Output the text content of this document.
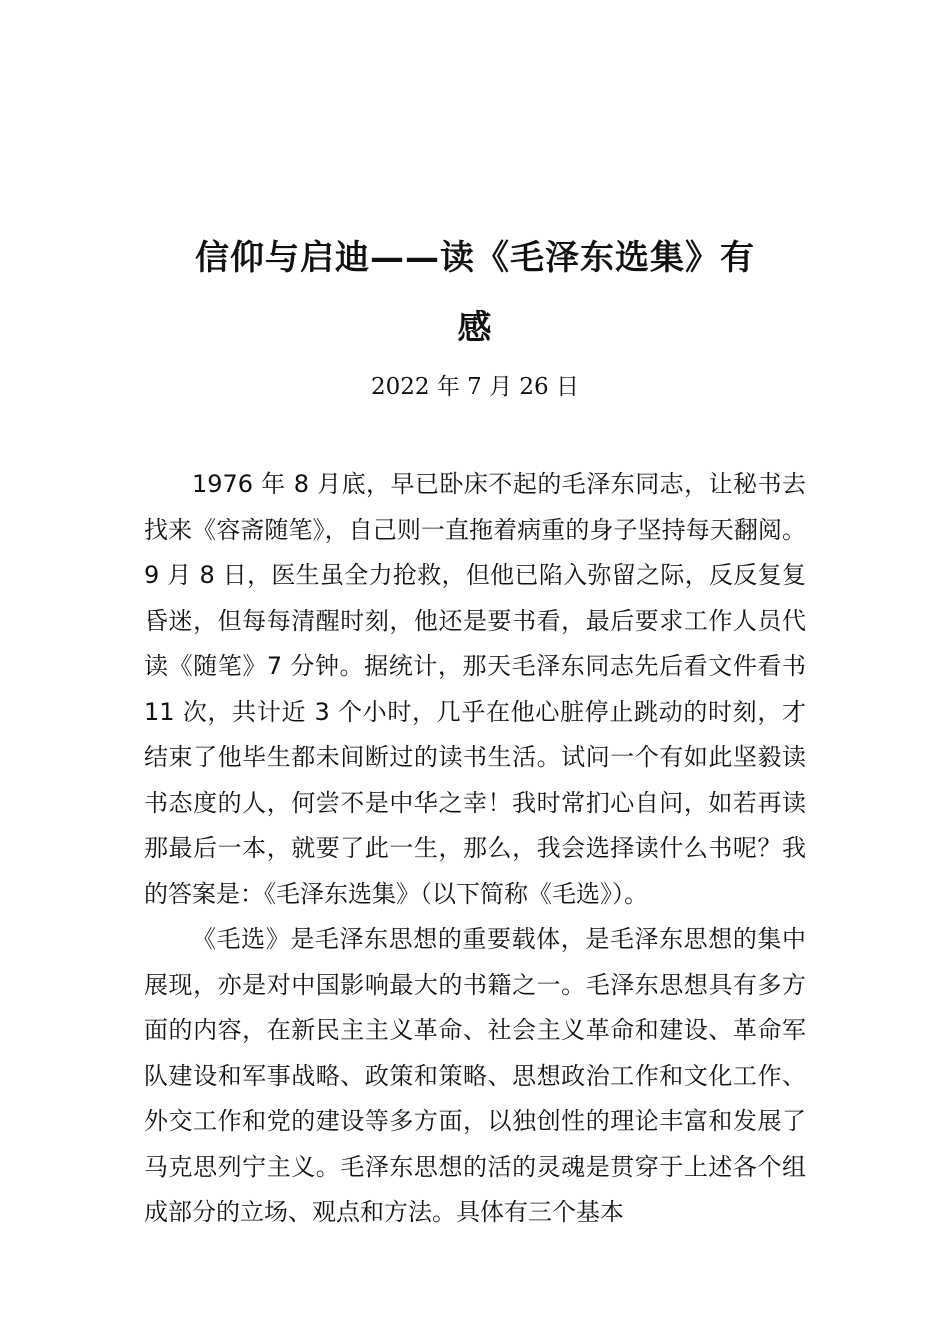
信仰与启迪——读《毛泽东选集》有
感
2022 年 7 月 26 日

1976 年 8 月底，早已卧床不起的毛泽东同志，让秘书去找来《容斋随笔》，自己则一直拖着病重的身子坚持每天翻阅。9 月 8 日，医生虽全力抢救，但他已陷入弥留之际，反反复复昏迷，但每每清醒时刻，他还是要书看，最后要求工作人员代读《随笔》7 分钟。据统计，那天毛泽东同志先后看文件看书 11 次，共计近 3 个小时，几乎在他心脏停止跳动的时刻，才结束了他毕生都未间断过的读书生活。试问一个有如此坚毅读书态度的人，何尝不是中华之幸！我时常扪心自问，如若再读那最后一本，就要了此一生，那么，我会选择读什么书呢？我的答案是：《毛泽东选集》（以下简称《毛选》）。

《毛选》是毛泽东思想的重要载体，是毛泽东思想的集中展现，亦是对中国影响最大的书籍之一。毛泽东思想具有多方面的内容，在新民主主义革命、社会主义革命和建设、革命军队建设和军事战略、政策和策略、思想政治工作和文化工作、外交工作和党的建设等多方面，以独创性的理论丰富和发展了马克思列宁主义。毛泽东思想的活的灵魂是贯穿于上述各个组成部分的立场、观点和方法。具体有三个基本
